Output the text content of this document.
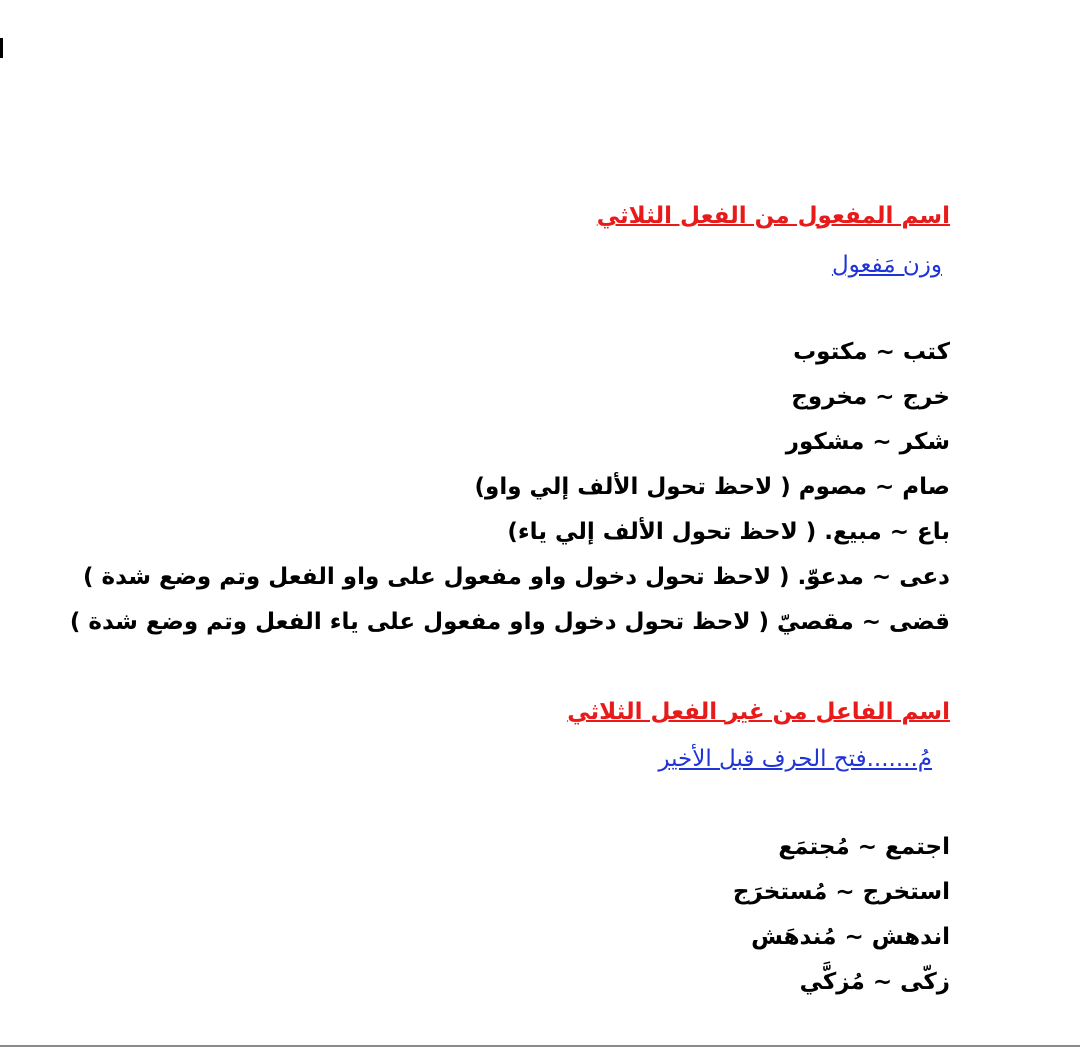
اسم المفعول من الفعل الثلاثي
وزن مَفعول
كتب ~ مكتوب
خرج ~ مخروج
شكر ~ مشكور
صام ~ مصوم ( لاحظ تحول الألف إلي واو)
باع ~ مبيع. ( لاحظ تحول الألف إلي ياء)
دعى ~ مدعوّ. ( لاحظ تحول دخول واو مفعول على واو الفعل وتم وضع شدة )
قضى ~ مقصيّ ( لاحظ تحول دخول واو مفعول على ياء الفعل وتم وضع شدة )
اسم الفاعل من غير الفعل الثلاثي
مُ.......فتح الحرف قبل الأخير
اجتمع ~ مُجتمَع
استخرج ~ مُستخرَج
اندهش ~ مُندهَش
زكّى ~ مُزكَّي
